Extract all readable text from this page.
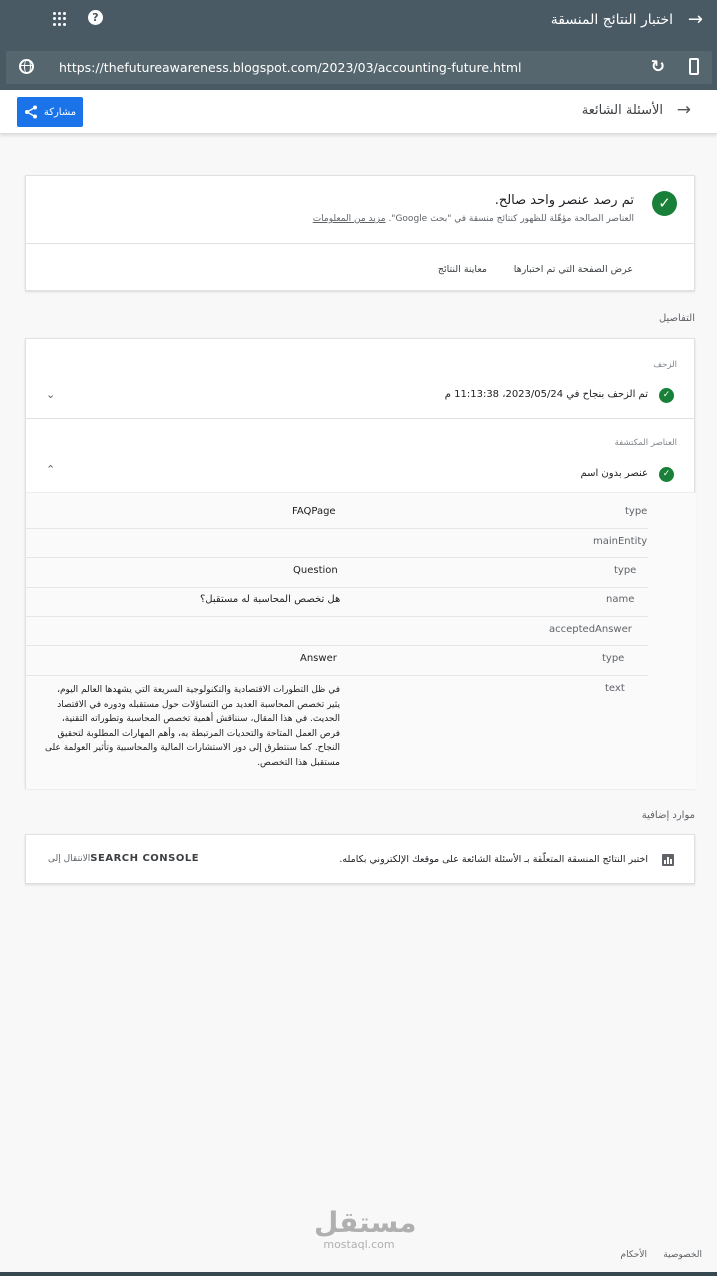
→
اختبار النتائج المنسقة
?
https://thefutureawareness.blogspot.com/2023/03/accounting-future.html	↻
مشاركة	الأسئلة الشائعة →
✓
تم رصد عنصر واحد صالح.
العناصر الصالحة مؤهّلة للظهور كنتائج منسقة في "بحث Google". مزيد من المعلومات
عرض الصفحة التي تم اختبارها
معاينة النتائج
التفاصيل
الزحف
✓
تم الزحف بنجاح في 2023/05/24، 11:13:38 م
⌄
العناصر المكتشفة
✓
عنصر بدون اسم
⌃
type
FAQPage
mainEntity
type
Question
name
هل تخصص المحاسبة له مستقبل؟
acceptedAnswer
type
Answer
text
في ظل التطورات الاقتصادية والتكنولوجية السريعة التي يشهدها العالم اليوم، يثير تخصص المحاسبة العديد من التساؤلات حول مستقبله ودوره في الاقتصاد الحديث. في هذا المقال، سنناقش أهمية تخصص المحاسبة وتطوراته التقنية، فرص العمل المتاحة والتحديات المرتبطة به، وأهم المهارات المطلوبة لتحقيق النجاح. كما سنتطرق إلى دور الاستشارات المالية والمحاسبية وتأثير العولمة على مستقبل هذا التخصص.
موارد إضافية
اختبر النتائج المنسقة المتعلّقة بـ الأسئلة الشائعة على موقعك الإلكتروني بكامله.
الانتقال إلىSEARCH CONSOLE
مستقل
mostaql.com
الخصوصية
الأحكام
